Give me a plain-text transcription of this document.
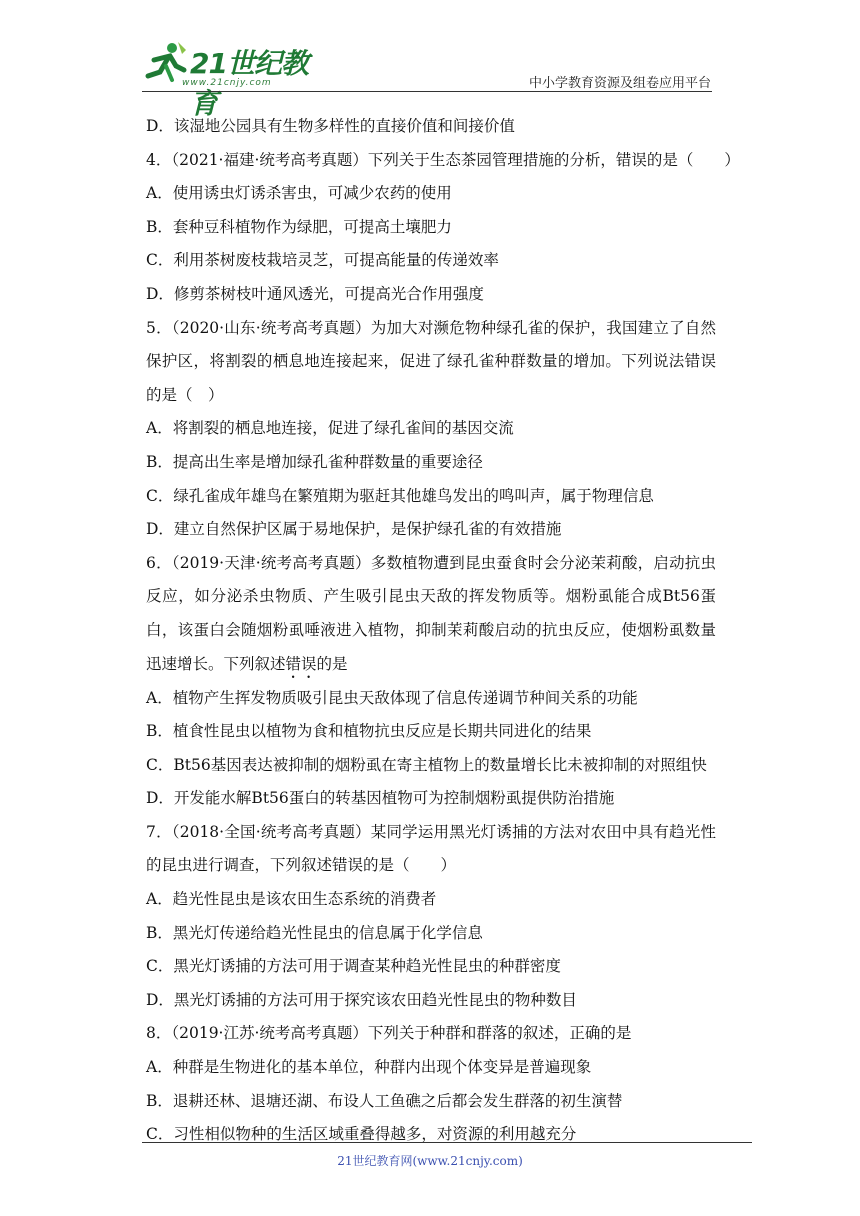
21世纪教育
www.21cnjy.com	中小学教育资源及组卷应用平台
D．该湿地公园具有生物多样性的直接价值和间接价值
4．（2021·福建·统考高考真题）下列关于生态茶园管理措施的分析，错误的是（　　）
A．使用诱虫灯诱杀害虫，可减少农药的使用
B．套种豆科植物作为绿肥，可提高土壤肥力
C．利用茶树废枝栽培灵芝，可提高能量的传递效率
D．修剪茶树枝叶通风透光，可提高光合作用强度
5．（2020·山东·统考高考真题）为加大对濒危物种绿孔雀的保护，我国建立了自然保护区，将割裂的栖息地连接起来，促进了绿孔雀种群数量的增加。下列说法错误的是（　）
A．将割裂的栖息地连接，促进了绿孔雀间的基因交流
B．提高出生率是增加绿孔雀种群数量的重要途径
C．绿孔雀成年雄鸟在繁殖期为驱赶其他雄鸟发出的鸣叫声，属于物理信息
D．建立自然保护区属于易地保护，是保护绿孔雀的有效措施
6．（2019·天津·统考高考真题）多数植物遭到昆虫蚕食时会分泌茉莉酸，启动抗虫反应，如分泌杀虫物质、产生吸引昆虫天敌的挥发物质等。烟粉虱能合成Bt56蛋白，该蛋白会随烟粉虱唾液进入植物，抑制茉莉酸启动的抗虫反应，使烟粉虱数量迅速增长。下列叙述错误的是
A．植物产生挥发物质吸引昆虫天敌体现了信息传递调节种间关系的功能
B．植食性昆虫以植物为食和植物抗虫反应是长期共同进化的结果
C．Bt56基因表达被抑制的烟粉虱在寄主植物上的数量增长比未被抑制的对照组快
D．开发能水解Bt56蛋白的转基因植物可为控制烟粉虱提供防治措施
7．（2018·全国·统考高考真题）某同学运用黑光灯诱捕的方法对农田中具有趋光性的昆虫进行调查，下列叙述错误的是（　　）
A．趋光性昆虫是该农田生态系统的消费者
B．黑光灯传递给趋光性昆虫的信息属于化学信息
C．黑光灯诱捕的方法可用于调查某种趋光性昆虫的种群密度
D．黑光灯诱捕的方法可用于探究该农田趋光性昆虫的物种数目
8．（2019·江苏·统考高考真题）下列关于种群和群落的叙述，正确的是
A．种群是生物进化的基本单位，种群内出现个体变异是普遍现象
B．退耕还林、退塘还湖、布设人工鱼礁之后都会发生群落的初生演替
C．习性相似物种的生活区域重叠得越多，对资源的利用越充分
21世纪教育网(www.21cnjy.com)
